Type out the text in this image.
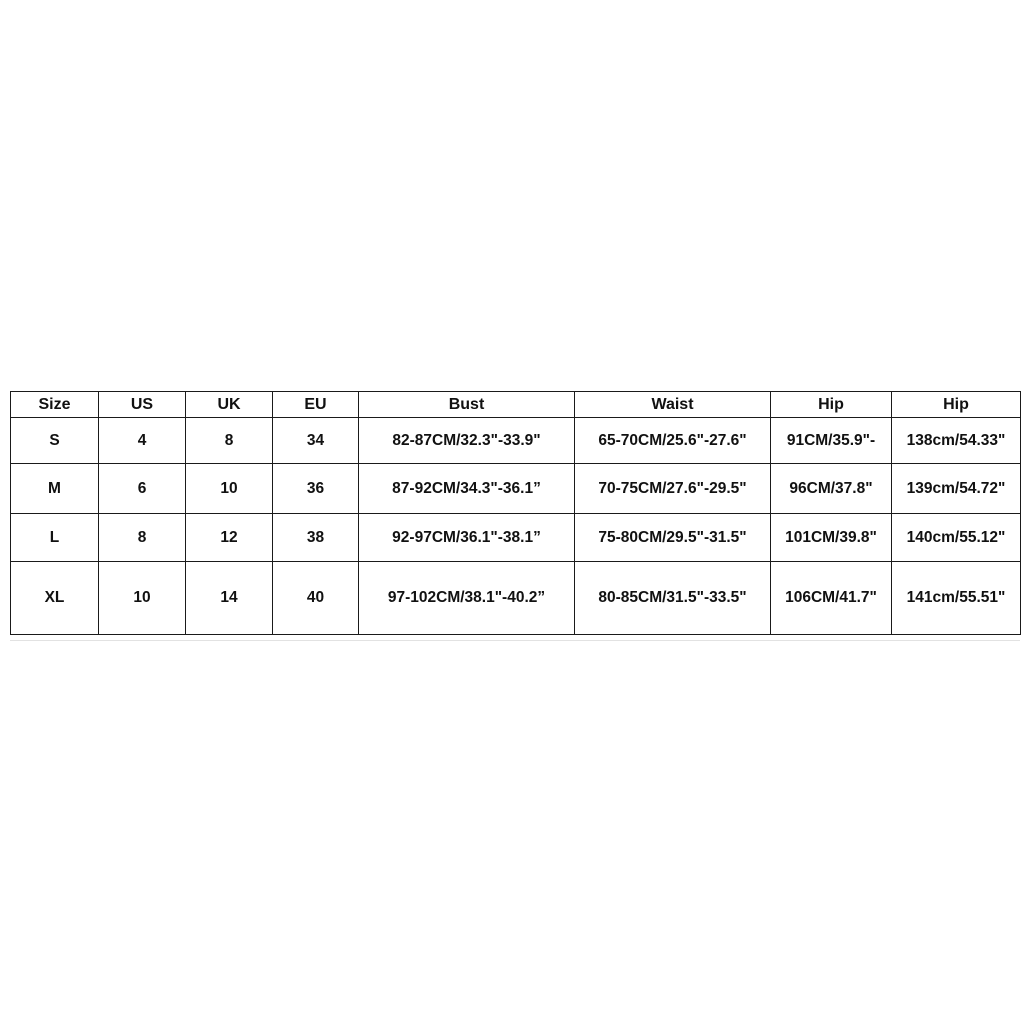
Size	US	UK	EU	Bust	Waist	Hip	Hip
S	4	8	34	82-87CM/32.3"-33.9"	65-70CM/25.6"-27.6"	91CM/35.9"-	138cm/54.33"
M	6	10	36	87-92CM/34.3"-36.1”	70-75CM/27.6"-29.5"	96CM/37.8"	139cm/54.72"
L	8	12	38	92-97CM/36.1"-38.1”	75-80CM/29.5"-31.5"	101CM/39.8"	140cm/55.12"
XL	10	14	40	97-102CM/38.1"-40.2”	80-85CM/31.5"-33.5"	106CM/41.7"	141cm/55.51"
